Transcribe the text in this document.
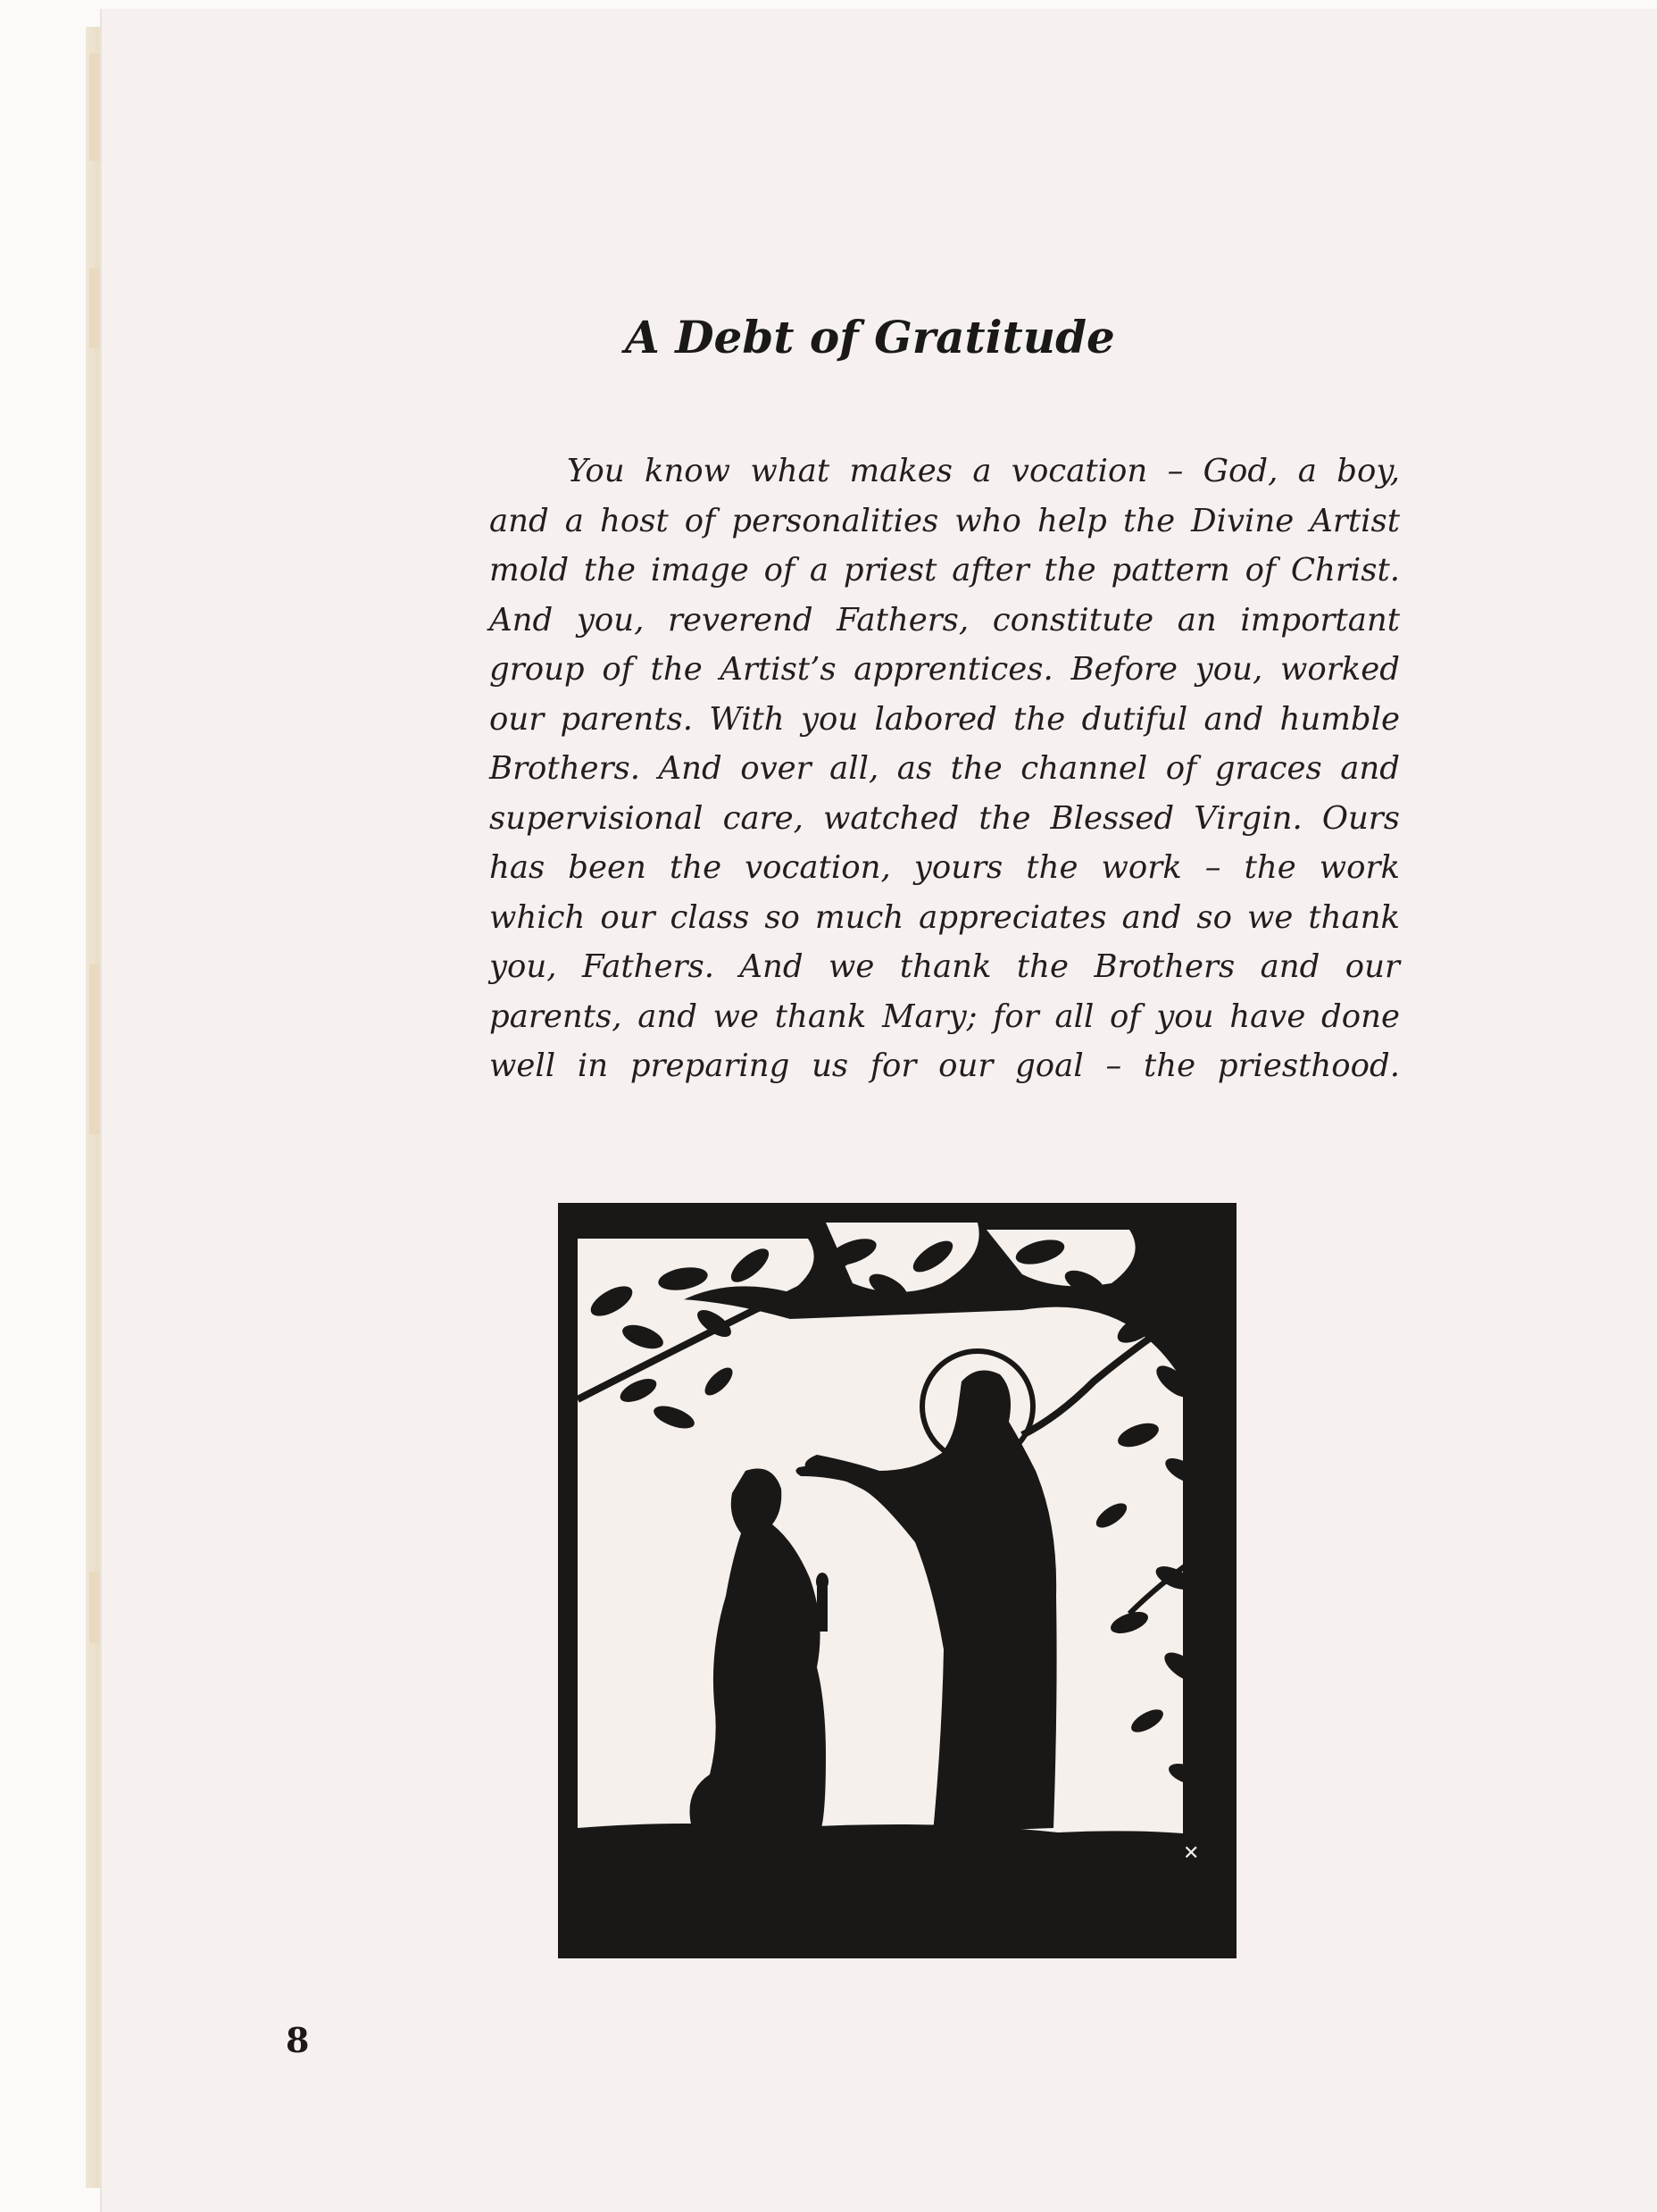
A Debt of Gratitude
You know what makes a vocation – God, a boy,
and a host of personalities who help the Divine Artist
mold the image of a priest after the pattern of Christ.
And you, reverend Fathers, constitute an important
group of the Artist’s apprentices. Before you, worked
our parents. With you labored the dutiful and humble
Brothers. And over all, as the channel of graces and
supervisional care, watched the Blessed Virgin. Ours
has been the vocation, yours the work – the work
which our class so much appreciates and so we thank
you, Fathers. And we thank the Brothers and our
parents, and we thank Mary; for all of you have done
well in preparing us for our goal – the priesthood.
✕
8
